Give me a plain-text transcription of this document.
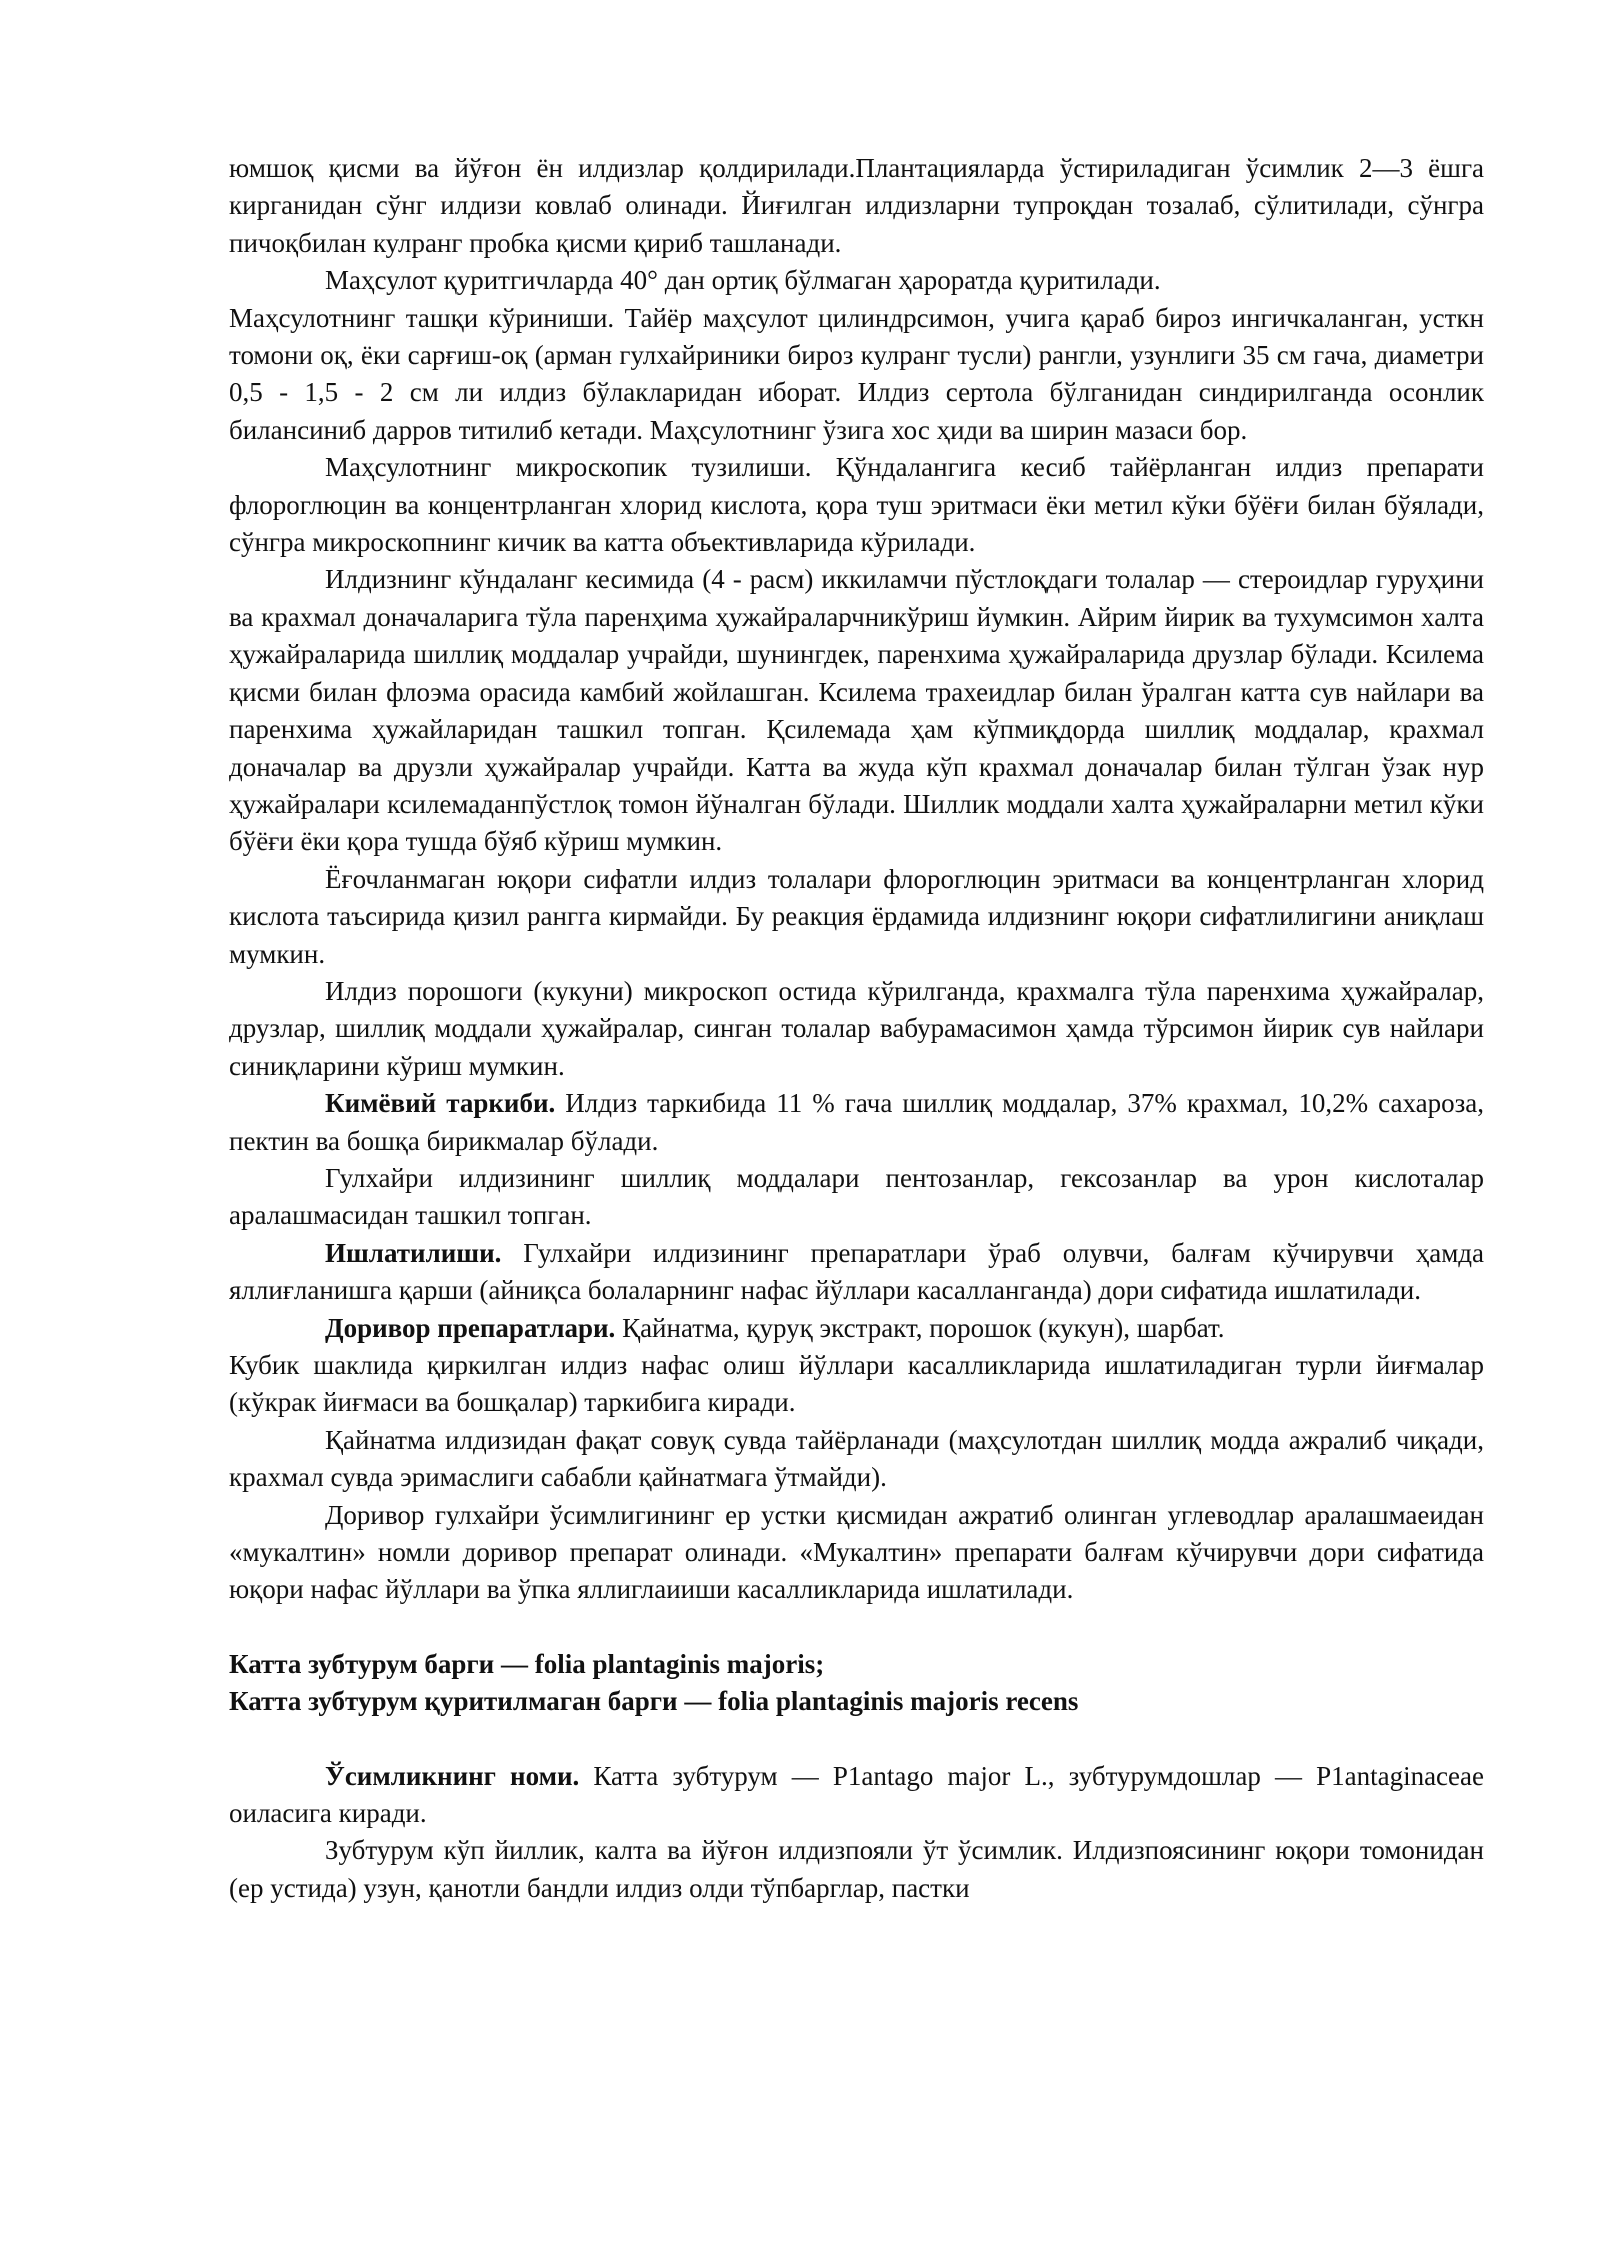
юмшоқ қисми ва йўғон ён илдизлар қолдирилади.Плантацияларда ўстириладиган ўсимлик 2—3 ёшга кирганидан сўнг илдизи ковлаб олинади. Йиғилган илдизларни тупроқдан тозалаб, сўлитилади, сўнгра пичоқбилан кулранг пробка қисми қириб ташланади.

Маҳсулот қуритгичларда 40° дан ортиқ бўлмаган ҳароратда қуритилади.

Маҳсулотнинг ташқи кўриниши. Тайёр маҳсулот цилиндрсимон, учига қараб бироз ингичкаланган, усткн томони оқ, ёки сарғиш-оқ (арман гулхайриники бироз кулранг тусли) рангли, узунлиги 35 см гача, диаметри 0,5 - 1,5 - 2 см ли илдиз бўлакларидан иборат. Илдиз сертола бўлганидан синдирилганда осонлик билансиниб дарров титилиб кетади. Маҳсулотнинг ўзига хос ҳиди ва ширин мазаси бор.

Маҳсулотнинг микроскопик тузилиши. Қўндалангига кесиб тайёрланган илдиз препарати флороглюцин ва концентрланган хлорид кислота, қора туш эритмаси ёки метил кўки бўёғи билан бўялади, сўнгра микроскопнинг кичик ва катта объективларида кўрилади.

Илдизнинг кўндаланг кесимида (4 - расм) иккиламчи пўстлоқдаги толалар — стероидлар гуруҳини ва крахмал доначаларига тўла паренҳима ҳужайраларчникўриш йумкин. Айрим йирик ва тухумсимон халта ҳужайраларида шиллиқ моддалар учрайди, шунингдек, паренхима ҳужайраларида друзлар бўлади. Ксилема қисми билан флоэма орасида камбий жойлашган. Ксилема трахеидлар билан ўралган катта сув найлари ва паренхима ҳужайларидан ташкил топган. Қсилемада ҳам кўпмиқдорда шиллиқ моддалар, крахмал доначалар ва друзли ҳужайралар учрайди. Катта ва жуда кўп крахмал доначалар билан тўлган ўзак нур ҳужайралари ксилемаданпўстлоқ томон йўналган бўлади. Шиллик моддали халта ҳужайраларни метил кўки бўёғи ёки қора тушда бўяб кўриш мумкин.

Ёғочланмаган юқори сифатли илдиз толалари флороглюцин эритмаси ва концентрланган хлорид кислота таъсирида қизил рангга кирмайди. Бу реакция ёрдамида илдизнинг юқори сифатлилигини аниқлаш мумкин.

Илдиз порошоги (кукуни) микроскоп остида кўрилганда, крахмалга тўла паренхима ҳужайралар, друзлар, шиллиқ моддали ҳужайралар, синган толалар вабурамасимон ҳамда тўрсимон йирик сув найлари синиқларини кўриш мумкин.

Кимёвий таркиби. Илдиз таркибида 11 % гача шиллиқ моддалар, 37% крахмал, 10,2% сахароза, пектин ва бошқа бирикмалар бўлади.

Гулхайри илдизининг шиллиқ моддалари пентозанлар, гексозанлар ва урон кислоталар аралашмасидан ташкил топган.

Ишлатилиши. Гулхайри илдизининг препаратлари ўраб олувчи, балғам кўчирувчи ҳамда яллиғланишга қарши (айниқса болаларнинг нафас йўллари касалланганда) дори сифатида ишлатилади.

Доривор препаратлари. Қайнатма, қуруқ экстракт, порошок (кукун), шарбат.

Кубик шаклида қиркилган илдиз нафас олиш йўллари касалликларида ишлатиладиган турли йиғмалар (кўкрак йиғмаси ва бошқалар) таркибига киради.

Қайнатма илдизидан фақат совуқ сувда тайёрланади (маҳсулотдан шиллиқ модда ажралиб чиқади, крахмал сувда эримаслиги сабабли қайнатмага ўтмайди).

Доривор гулхайри ўсимлигининг ер устки қисмидан ажратиб олинган углеводлар аралашмаеидан «мукалтин» номли доривор препарат олинади. «Мукалтин» препарати балғам кўчирувчи дори сифатида юқори нафас йўллари ва ўпка яллиглаииши касалликларида ишлатилади.

Катта зубтурум барги — folia plantaginis majoris;

Катта зубтурум қуритилмаган барги — folia plantaginis majoris recens

Ўсимликнинг номи. Катта зубтурум — P1antago major L., зубтурумдошлар — P1antaginaceae оиласига киради.

Зубтурум кўп йиллик, калта ва йўғон илдизпояли ўт ўсимлик. Илдизпоясининг юқори томонидан (ер устида) узун, қанотли бандли илдиз олди тўпбарглар, пастки
